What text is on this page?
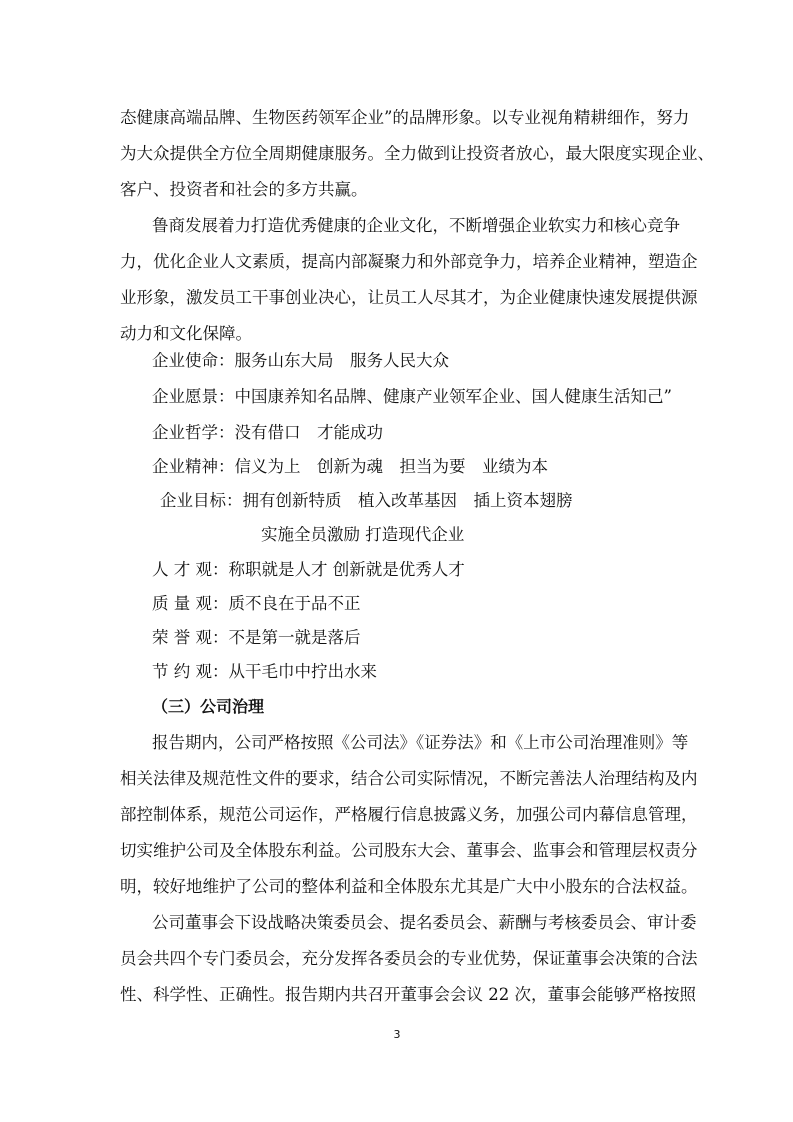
态健康高端品牌、生物医药领军企业”的品牌形象。以专业视角精耕细作，努力
为大众提供全方位全周期健康服务。全力做到让投资者放心，最大限度实现企业、
客户、投资者和社会的多方共赢。
鲁商发展着力打造优秀健康的企业文化，不断增强企业软实力和核心竞争
力，优化企业人文素质，提高内部凝聚力和外部竞争力，培养企业精神，塑造企
业形象，激发员工干事创业决心，让员工人尽其才，为企业健康快速发展提供源
动力和文化保障。
企业使命：服务山东大局　服务人民大众
企业愿景：中国康养知名品牌、健康产业领军企业、国人健康生活知己”
企业哲学：没有借口　才能成功
企业精神：信义为上　创新为魂　担当为要　业绩为本
企业目标：拥有创新特质　植入改革基因　插上资本翅膀
实施全员激励 打造现代企业
人 才 观：称职就是人才 创新就是优秀人才
质 量 观：质不良在于品不正
荣 誉 观：不是第一就是落后
节 约 观：从干毛巾中拧出水来
（三）公司治理
报告期内，公司严格按照《公司法》《证券法》和《上市公司治理准则》等
相关法律及规范性文件的要求，结合公司实际情况，不断完善法人治理结构及内
部控制体系，规范公司运作，严格履行信息披露义务，加强公司内幕信息管理，
切实维护公司及全体股东利益。公司股东大会、董事会、监事会和管理层权责分
明，较好地维护了公司的整体利益和全体股东尤其是广大中小股东的合法权益。
公司董事会下设战略决策委员会、提名委员会、薪酬与考核委员会、审计委
员会共四个专门委员会，充分发挥各委员会的专业优势，保证董事会决策的合法
性、科学性、正确性。报告期内共召开董事会会议 22 次，董事会能够严格按照
3
